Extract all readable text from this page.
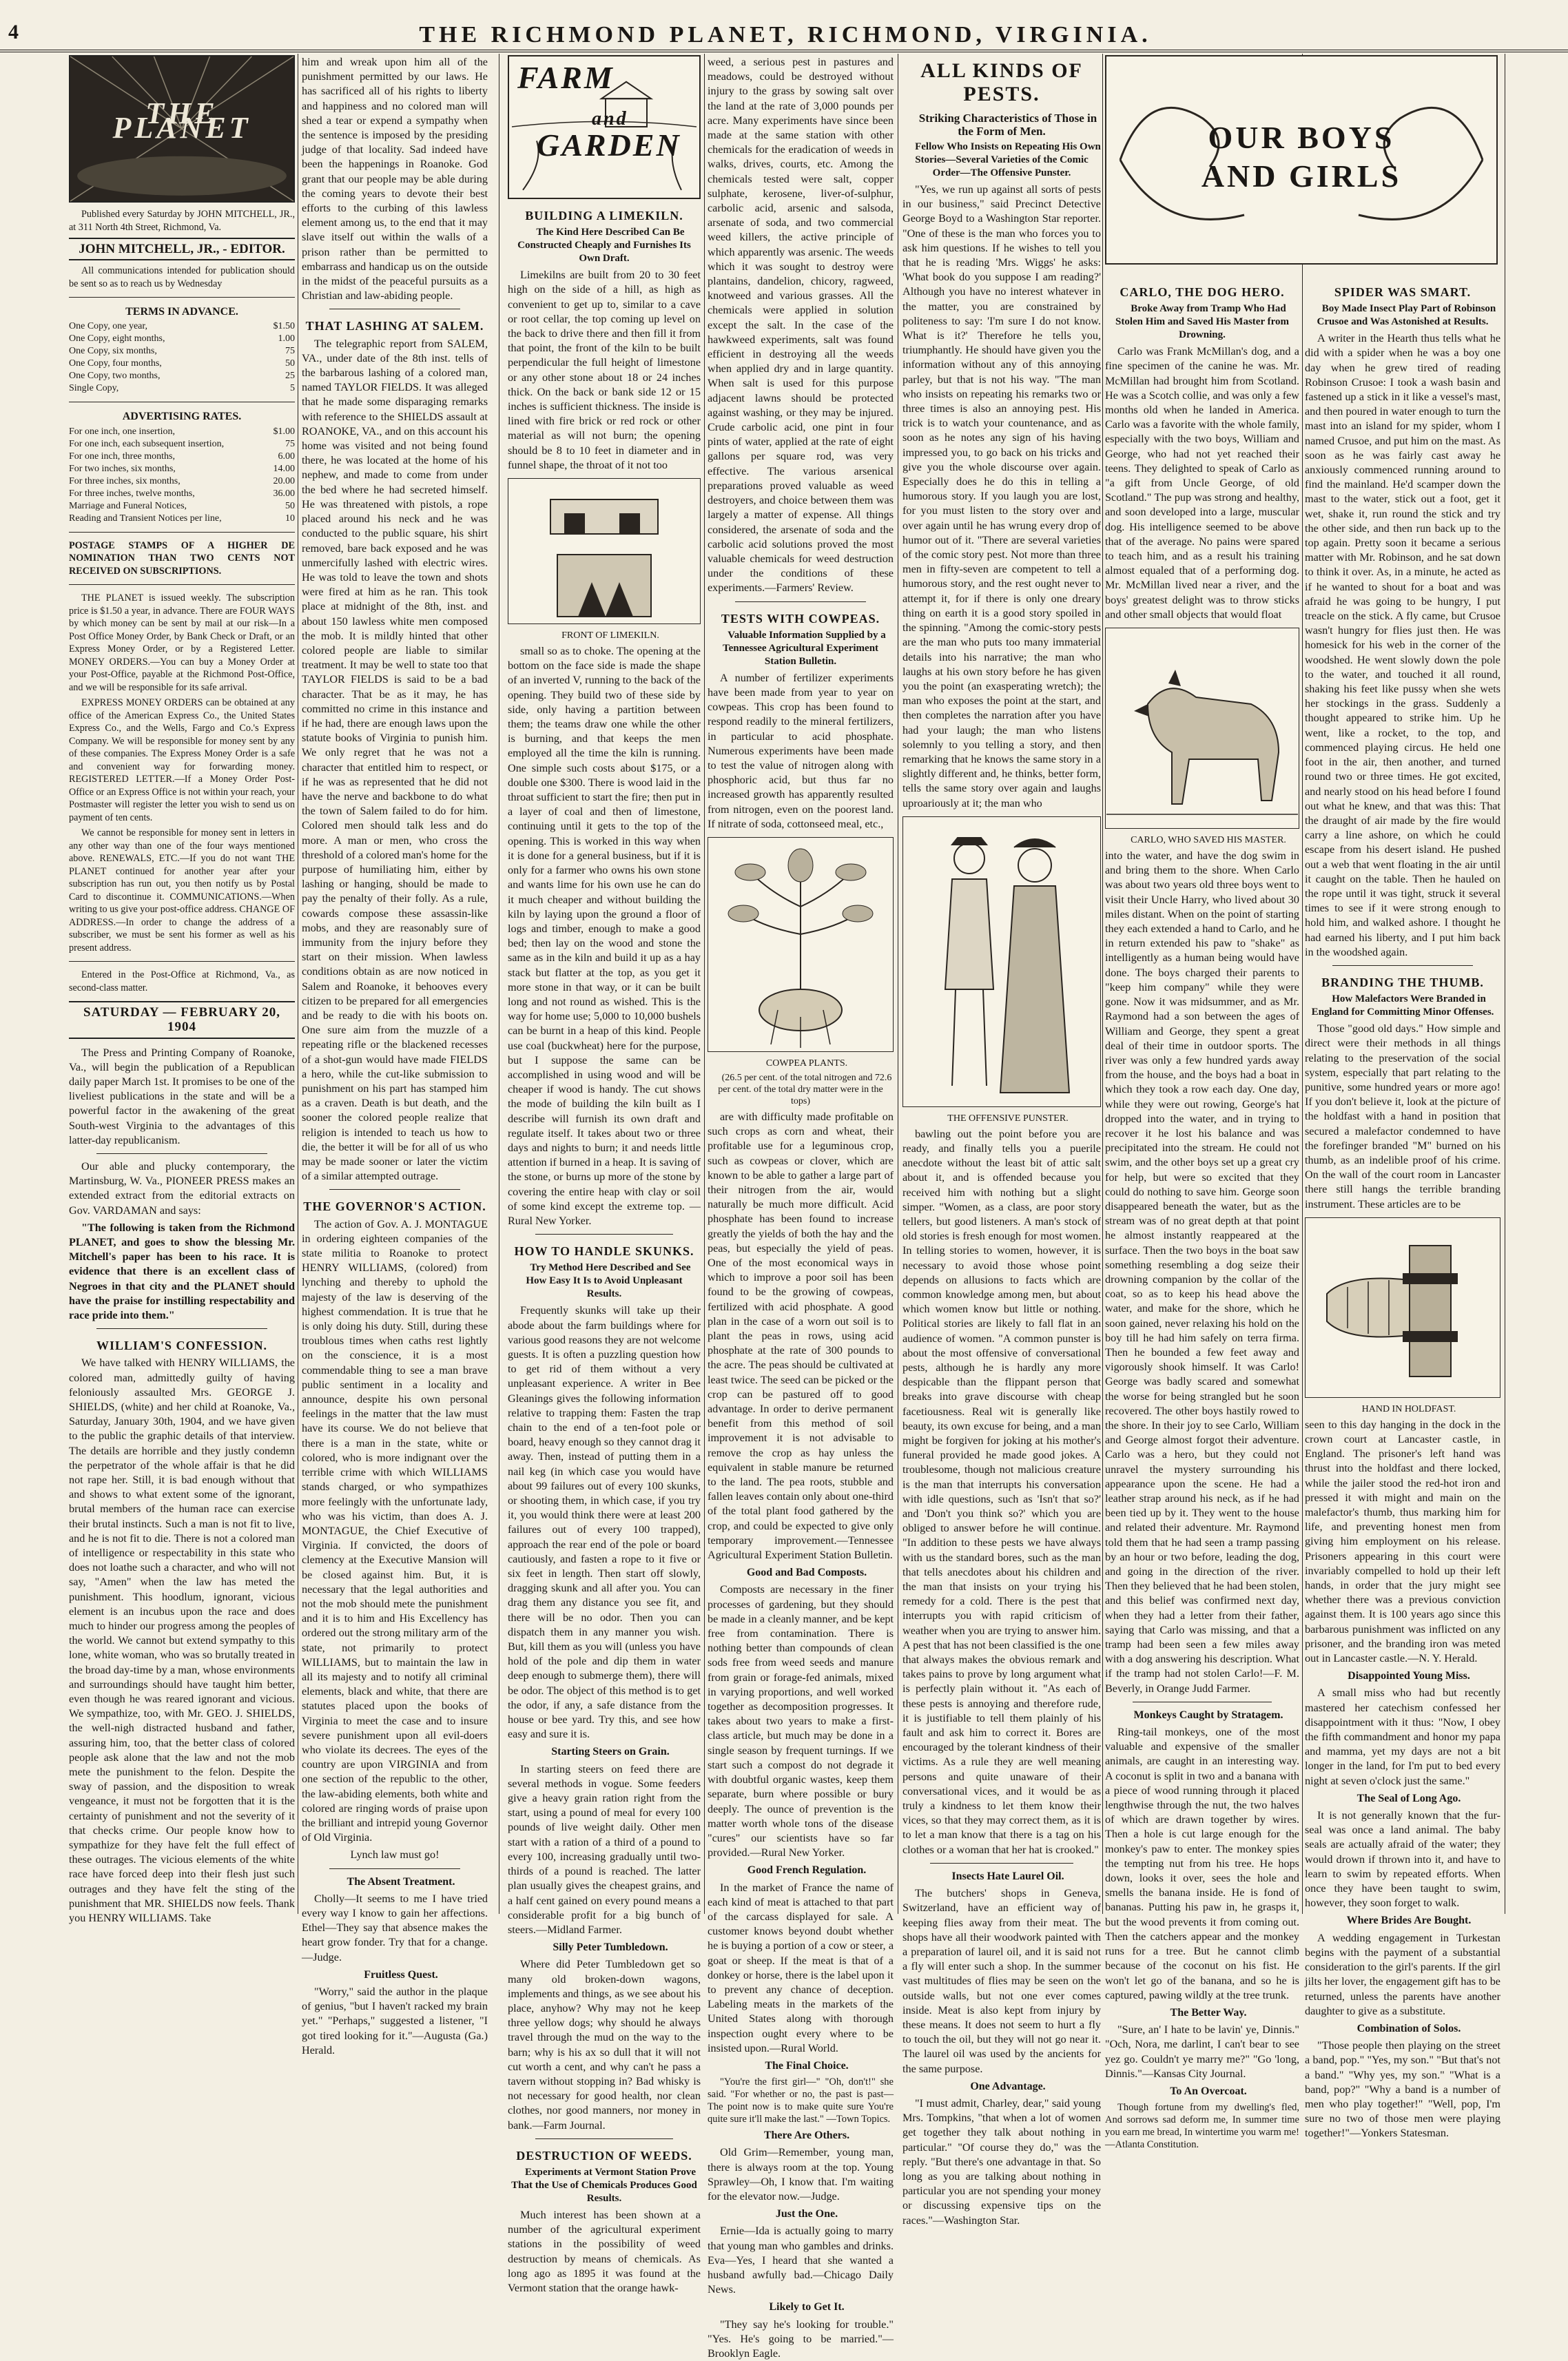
4	THE RICHMOND PLANET, RICHMOND, VIRGINIA.
THE PLANET

Published every Saturday by JOHN MITCHELL, JR., at 311 North 4th Street, Richmond, Va.

JOHN MITCHELL, JR., - EDITOR.

All communications intended for publication should be sent so as to reach us by Wednesday

TERMS IN ADVANCE.
One Copy, one year,	$1.50
One Copy, eight months,	1.00
One Copy, six months,	75
One Copy, four months,	50
One Copy, two months,	25
Single Copy,	5
ADVERTISING RATES.
For one inch, one insertion,	$1.00
For one inch, each subsequent insertion,	75
For one inch, three months,	6.00
For two inches, six months,	14.00
For three inches, six months,	20.00
For three inches, twelve months,	36.00
Marriage and Funeral Notices,	50
Reading and Transient Notices per line,	10

POSTAGE STAMPS OF A HIGHER DE NOMINATION THAN TWO CENTS NOT RECEIVED ON SUBSCRIPTIONS.

THE PLANET is issued weekly. The subscription price is $1.50 a year, in advance. There are FOUR WAYS by which money can be sent by mail at our risk—In a Post Office Money Order, by Bank Check or Draft, or an Express Money Order, or by a Registered Letter. MONEY ORDERS.—You can buy a Money Order at your Post-Office, payable at the Richmond Post-Office, and we will be responsible for its safe arrival.

EXPRESS MONEY ORDERS can be obtained at any office of the American Express Co., the United States Express Co., and the Wells, Fargo and Co.'s Express Company. We will be responsible for money sent by any of these companies. The Express Money Order is a safe and convenient way for forwarding money. REGISTERED LETTER.—If a Money Order Post-Office or an Express Office is not within your reach, your Postmaster will register the letter you wish to send us on payment of ten cents.

We cannot be responsible for money sent in letters in any other way than one of the four ways mentioned above. RENEWALS, ETC.—If you do not want THE PLANET continued for another year after your subscription has run out, you then notify us by Postal Card to discontinue it. COMMUNICATIONS.—When writing to us give your post-office address. CHANGE OF ADDRESS.—In order to change the address of a subscriber, we must be sent his former as well as his present address.

Entered in the Post-Office at Richmond, Va., as second-class matter.

SATURDAY — FEBRUARY 20, 1904

The Press and Printing Company of Roanoke, Va., will begin the publication of a Republican daily paper March 1st. It promises to be one of the liveliest publications in the state and will be a powerful factor in the awakening of the great South-west Virginia to the advantages of this latter-day republicanism.

Our able and plucky contemporary, the Martinsburg, W. Va., PIONEER PRESS makes an extended extract from the editorial extracts on Gov. VARDAMAN and says:

"The following is taken from the Richmond PLANET, and goes to show the blessing Mr. Mitchell's paper has been to his race. It is evidence that there is an excellent class of Negroes in that city and the PLANET should have the praise for instilling respectability and race pride into them."

WILLIAM'S CONFESSION.

We have talked with HENRY WILLIAMS, the colored man, admittedly guilty of having feloniously assaulted Mrs. GEORGE J. SHIELDS, (white) and her child at Roanoke, Va., Saturday, January 30th, 1904, and we have given to the public the graphic details of that interview. The details are horrible and they justly condemn the perpetrator of the whole affair is that he did not rape her. Still, it is bad enough without that and shows to what extent some of the ignorant, brutal members of the human race can exercise their brutal instincts. Such a man is not fit to live, and he is not fit to die. There is not a colored man of intelligence or respectability in this state who does not loathe such a character, and who will not say, "Amen" when the law has meted the punishment. This hoodlum, ignorant, vicious element is an incubus upon the race and does much to hinder our progress among the peoples of the world. We cannot but extend sympathy to this lone, white woman, who was so brutally treated in the broad day-time by a man, whose environments and surroundings should have taught him better, even though he was reared ignorant and vicious. We sympathize, too, with Mr. GEO. J. SHIELDS, the well-nigh distracted husband and father, assuring him, too, that the better class of colored people ask alone that the law and not the mob mete the punishment to the felon. Despite the sway of passion, and the disposition to wreak vengeance, it must not be forgotten that it is the certainty of punishment and not the severity of it that checks crime. Our people know how to sympathize for they have felt the full effect of these outrages. The vicious elements of the white race have forced deep into their flesh just such outrages and they have felt the sting of the punishment that MR. SHIELDS now feels. Thank you HENRY WILLIAMS. Take

him and wreak upon him all of the punishment permitted by our laws. He has sacrificed all of his rights to liberty and happiness and no colored man will shed a tear or expend a sympathy when the sentence is imposed by the presiding judge of that locality. Sad indeed have been the happenings in Roanoke. God grant that our people may be able during the coming years to devote their best efforts to the curbing of this lawless element among us, to the end that it may slave itself out within the walls of a prison rather than be permitted to embarrass and handicap us on the outside in the midst of the peaceful pursuits as a Christian and law-abiding people.

THAT LASHING AT SALEM.

The telegraphic report from SALEM, VA., under date of the 8th inst. tells of the barbarous lashing of a colored man, named TAYLOR FIELDS. It was alleged that he made some disparaging remarks with reference to the SHIELDS assault at ROANOKE, VA., and on this account his home was visited and not being found there, he was located at the home of his nephew, and made to come from under the bed where he had secreted himself. He was threatened with pistols, a rope placed around his neck and he was conducted to the public square, his shirt removed, bare back exposed and he was unmercifully lashed with electric wires. He was told to leave the town and shots were fired at him as he ran. This took place at midnight of the 8th, inst. and about 150 lawless white men composed the mob. It is mildly hinted that other colored people are liable to similar treatment. It may be well to state too that TAYLOR FIELDS is said to be a bad character. That be as it may, he has committed no crime in this instance and if he had, there are enough laws upon the statute books of Virginia to punish him. We only regret that he was not a character that entitled him to respect, or if he was as represented that he did not have the nerve and backbone to do what the town of Salem failed to do for him. Colored men should talk less and do more. A man or men, who cross the threshold of a colored man's home for the purpose of humiliating him, either by lashing or hanging, should be made to pay the penalty of their folly. As a rule, cowards compose these assassin-like mobs, and they are reasonably sure of immunity from the injury before they start on their mission. When lawless conditions obtain as are now noticed in Salem and Roanoke, it behooves every citizen to be prepared for all emergencies and be ready to die with his boots on. One sure aim from the muzzle of a repeating rifle or the blackened recesses of a shot-gun would have made FIELDS a hero, while the cut-like submission to punishment on his part has stamped him as a craven. Death is but death, and the sooner the colored people realize that religion is intended to teach us how to die, the better it will be for all of us who may be made sooner or later the victim of a similar attempted outrage.

THE GOVERNOR'S ACTION.

The action of Gov. A. J. MONTAGUE in ordering eighteen companies of the state militia to Roanoke to protect HENRY WILLIAMS, (colored) from lynching and thereby to uphold the majesty of the law is deserving of the highest commendation. It is true that he is only doing his duty. Still, during these troublous times when caths rest lightly on the conscience, it is a most commendable thing to see a man brave public sentiment in a locality and announce, despite his own personal feelings in the matter that the law must have its course. We do not believe that there is a man in the state, white or colored, who is more indignant over the terrible crime with which WILLIAMS stands charged, or who sympathizes more feelingly with the unfortunate lady, who was his victim, than does A. J. MONTAGUE, the Chief Executive of Virginia. If convicted, the doors of clemency at the Executive Mansion will be closed against him. But, it is necessary that the legal authorities and not the mob should mete the punishment and it is to him and His Excellency has ordered out the strong military arm of the state, not primarily to protect WILLIAMS, but to maintain the law in all its majesty and to notify all criminal elements, black and white, that there are statutes placed upon the books of Virginia to meet the case and to insure severe punishment upon all evil-doers who violate its decrees. The eyes of the country are upon VIRGINIA and from one section of the republic to the other, the law-abiding elements, both white and colored are ringing words of praise upon the brilliant and intrepid young Governor of Old Virginia.

Lynch law must go!

The Absent Treatment.

Cholly—It seems to me I have tried every way I know to gain her affections. Ethel—They say that absence makes the heart grow fonder. Try that for a change.—Judge.

Fruitless Quest.

"Worry," said the author in the plaque of genius, "but I haven't racked my brain yet." "Perhaps," suggested a listener, "I got tired looking for it."—Augusta (Ga.) Herald.

FARM
and
GARDEN

BUILDING A LIMEKILN.

The Kind Here Described Can Be Constructed Cheaply and Furnishes Its Own Draft.

Limekilns are built from 20 to 30 feet high on the side of a hill, as high as convenient to get up to, similar to a cave or root cellar, the top coming up level on the back to drive there and then fill it from that point, the front of the kiln to be built perpendicular the full height of limestone or any other stone about 18 or 24 inches thick. On the back or bank side 12 or 15 inches is sufficient thickness. The inside is lined with fire brick or red rock or other material as will not burn; the opening should be 8 to 10 feet in diameter and in funnel shape, the throat of it not too

FRONT OF LIMEKILN.

small so as to choke. The opening at the bottom on the face side is made the shape of an inverted V, running to the back of the opening. They build two of these side by side, only having a partition between them; the teams draw one while the other is burning, and that keeps the men employed all the time the kiln is running. One simple such costs about $175, or a double one $300. There is wood laid in the throat sufficient to start the fire; then put in a layer of coal and then of limestone, continuing until it gets to the top of the opening. This is worked in this way when it is done for a general business, but if it is only for a farmer who owns his own stone and wants lime for his own use he can do it much cheaper and without building the kiln by laying upon the ground a floor of logs and timber, enough to make a good bed; then lay on the wood and stone the same as in the kiln and build it up as a hay stack but flatter at the top, as you get it more stone in that way, or it can be built long and not round as wished. This is the way for home use; 5,000 to 10,000 bushels can be burnt in a heap of this kind. People use coal (buckwheat) here for the purpose, but I suppose the same can be accomplished in using wood and will be cheaper if wood is handy. The cut shows the mode of building the kiln built as I describe will furnish its own draft and regulate itself. It takes about two or three days and nights to burn; it and needs little attention if burned in a heap. It is saving of the stone, or burns up more of the stone by covering the entire heap with clay or soil of some kind except the extreme top. —Rural New Yorker.

HOW TO HANDLE SKUNKS.

Try Method Here Described and See How Easy It Is to Avoid Unpleasant Results.

Frequently skunks will take up their abode about the farm buildings where for various good reasons they are not welcome guests. It is often a puzzling question how to get rid of them without a very unpleasant experience. A writer in Bee Gleanings gives the following information relative to trapping them: Fasten the trap chain to the end of a ten-foot pole or board, heavy enough so they cannot drag it away. Then, instead of putting them in a nail keg (in which case you would have about 99 failures out of every 100 skunks, or shooting them, in which case, if you try it, you would think there were at least 200 failures out of every 100 trapped), approach the rear end of the pole or board cautiously, and fasten a rope to it five or six feet in length. Then start off slowly, dragging skunk and all after you. You can drag them any distance you see fit, and there will be no odor. Then you can dispatch them in any manner you wish. But, kill them as you will (unless you have hold of the pole and dip them in water deep enough to submerge them), there will be odor. The object of this method is to get the odor, if any, a safe distance from the house or bee yard. Try this, and see how easy and sure it is.

Starting Steers on Grain.

In starting steers on feed there are several methods in vogue. Some feeders give a heavy grain ration right from the start, using a pound of meal for every 100 pounds of live weight daily. Other men start with a ration of a third of a pound to every 100, increasing gradually until two-thirds of a pound is reached. The latter plan usually gives the cheapest grains, and a half cent gained on every pound means a considerable profit for a big bunch of steers.—Midland Farmer.

Silly Peter Tumbledown.

Where did Peter Tumbledown get so many old broken-down wagons, implements and things, as we see about his place, anyhow? Why may not he keep three yellow dogs; why should he always travel through the mud on the way to the barn; why is his ax so dull that it will not cut worth a cent, and why can't he pass a tavern without stopping in? Bad whisky is not necessary for good health, nor clean clothes, nor good manners, nor money in bank.—Farm Journal.

DESTRUCTION OF WEEDS.

Experiments at Vermont Station Prove That the Use of Chemicals Produces Good Results.

Much interest has been shown at a number of the agricultural experiment stations in the possibility of weed destruction by means of chemicals. As long ago as 1895 it was found at the Vermont station that the orange hawk-

weed, a serious pest in pastures and meadows, could be destroyed without injury to the grass by sowing salt over the land at the rate of 3,000 pounds per acre. Many experiments have since been made at the same station with other chemicals for the eradication of weeds in walks, drives, courts, etc. Among the chemicals tested were salt, copper sulphate, kerosene, liver-of-sulphur, carbolic acid, arsenic and salsoda, arsenate of soda, and two commercial weed killers, the active principle of which apparently was arsenic. The weeds which it was sought to destroy were plantains, dandelion, chicory, ragweed, knotweed and various grasses. All the chemicals were applied in solution except the salt. In the case of the hawkweed experiments, salt was found efficient in destroying all the weeds when applied dry and in large quantity. When salt is used for this purpose adjacent lawns should be protected against washing, or they may be injured. Crude carbolic acid, one pint in four pints of water, applied at the rate of eight gallons per square rod, was very effective. The various arsenical preparations proved valuable as weed destroyers, and choice between them was largely a matter of expense. All things considered, the arsenate of soda and the carbolic acid solutions proved the most valuable chemicals for weed destruction under the conditions of these experiments.—Farmers' Review.

TESTS WITH COWPEAS.

Valuable Information Supplied by a Tennessee Agricultural Experiment Station Bulletin.

A number of fertilizer experiments have been made from year to year on cowpeas. This crop has been found to respond readily to the mineral fertilizers, in particular to acid phosphate. Numerous experiments have been made to test the value of nitrogen along with phosphoric acid, but thus far no increased growth has apparently resulted from nitrogen, even on the poorest land. If nitrate of soda, cottonseed meal, etc.,

COWPEA PLANTS.

(26.5 per cent. of the total nitrogen and 72.6 per cent. of the total dry matter were in the tops)

are with difficulty made profitable on such crops as corn and wheat, their profitable use for a leguminous crop, such as cowpeas or clover, which are known to be able to gather a large part of their nitrogen from the air, would naturally be much more difficult. Acid phosphate has been found to increase greatly the yields of both the hay and the peas, but especially the yield of peas. One of the most economical ways in which to improve a poor soil has been found to be the growing of cowpeas, fertilized with acid phosphate. A good plan in the case of a worn out soil is to plant the peas in rows, using acid phosphate at the rate of 300 pounds to the acre. The peas should be cultivated at least twice. The seed can be picked or the crop can be pastured off to good advantage. In order to derive permanent benefit from this method of soil improvement it is not advisable to remove the crop as hay unless the equivalent in stable manure be returned to the land. The pea roots, stubble and fallen leaves contain only about one-third of the total plant food gathered by the crop, and could be expected to give only temporary improvement.—Tennessee Agricultural Experiment Station Bulletin.

Good and Bad Composts.

Composts are necessary in the finer processes of gardening, but they should be made in a cleanly manner, and be kept free from contamination. There is nothing better than compounds of clean sods free from weed seeds and manure from grain or forage-fed animals, mixed in varying proportions, and well worked together as decomposition progresses. It takes about two years to make a first-class article, but much may be done in a single season by frequent turnings. If we start such a compost do not degrade it with doubtful organic wastes, keep them separate, burn where possible or bury deeply. The ounce of prevention is the matter worth whole tons of the disease "cures" our scientists have so far provided.—Rural New Yorker.

Good French Regulation.

In the market of France the name of each kind of meat is attached to that part of the carcass displayed for sale. A customer knows beyond doubt whether he is buying a portion of a cow or steer, a goat or sheep. If the meat is that of a donkey or horse, there is the label upon it to prevent any chance of deception. Labeling meats in the markets of the United States along with thorough inspection ought every where to be insisted upon.—Rural World.

The Final Choice.

"You're the first girl—" "Oh, don't!" she said. "For whether or no, the past is past—The point now is to make quite sure You're quite sure it'll make the last." —Town Topics.

There Are Others.

Old Grim—Remember, young man, there is always room at the top. Young Sprawley—Oh, I know that. I'm waiting for the elevator now.—Judge.

Just the One.

Ernie—Ida is actually going to marry that young man who gambles and drinks. Eva—Yes, I heard that she wanted a husband awfully bad.—Chicago Daily News.

Likely to Get It.

"They say he's looking for trouble." "Yes. He's going to be married."—Brooklyn Eagle.

ALL KINDS OF PESTS.

Striking Characteristics of Those in the Form of Men.

Fellow Who Insists on Repeating His Own Stories—Several Varieties of the Comic Order—The Offensive Punster.

"Yes, we run up against all sorts of pests in our business," said Precinct Detective George Boyd to a Washington Star reporter. "One of these is the man who forces you to ask him questions. If he wishes to tell you that he is reading 'Mrs. Wiggs' he asks: 'What book do you suppose I am reading?' Although you have no interest whatever in the matter, you are constrained by politeness to say: 'I'm sure I do not know. What is it?' Therefore he tells you, triumphantly. He should have given you the information without any of this annoying parley, but that is not his way. "The man who insists on repeating his remarks two or three times is also an annoying pest. His trick is to watch your countenance, and as soon as he notes any sign of his having impressed you, to go back on his tricks and give you the whole discourse over again. Especially does he do this in telling a humorous story. If you laugh you are lost, for you must listen to the story over and over again until he has wrung every drop of humor out of it. "There are several varieties of the comic story pest. Not more than three men in fifty-seven are competent to tell a humorous story, and the rest ought never to attempt it, for if there is only one dreary thing on earth it is a good story spoiled in the spinning. "Among the comic-story pests are the man who puts too many immaterial details into his narrative; the man who laughs at his own story before he has given you the point (an exasperating wretch); the man who exposes the point at the start, and then completes the narration after you have had your laugh; the man who listens solemnly to you telling a story, and then remarking that he knows the same story in a slightly different and, he thinks, better form, tells the same story over again and laughs uproariously at it; the man who

THE OFFENSIVE PUNSTER.

bawling out the point before you are ready, and finally tells you a puerile anecdote without the least bit of attic salt about it, and is offended because you received him with nothing but a slight simper. "Women, as a class, are poor story tellers, but good listeners. A man's stock of old stories is fresh enough for most women. In telling stories to women, however, it is necessary to avoid those whose point depends on allusions to facts which are common knowledge among men, but about which women know but little or nothing. Political stories are likely to fall flat in an audience of women. "A common punster is about the most offensive of conversational pests, although he is hardly any more despicable than the flippant person that breaks into grave discourse with cheap facetiousness. Real wit is generally like beauty, its own excuse for being, and a man might be forgiven for joking at his mother's funeral provided he made good jokes. A troublesome, though not malicious creature is the man that interrupts his conversation with idle questions, such as 'Isn't that so?' and 'Don't you think so?' which you are obliged to answer before he will continue. "In addition to these pests we have always with us the standard bores, such as the man that tells anecdotes about his children and the man that insists on your trying his remedy for a cold. There is the pest that interrupts you with rapid criticism of weather when you are trying to answer him. A pest that has not been classified is the one that always makes the obvious remark and takes pains to prove by long argument what is perfectly plain without it. "As each of these pests is annoying and therefore rude, it is justifiable to tell them plainly of his fault and ask him to correct it. Bores are encouraged by the tolerant kindness of their victims. As a rule they are well meaning persons and quite unaware of their conversational vices, and it would be as truly a kindness to let them know their vices, so that they may correct them, as it is to let a man know that there is a tag on his clothes or a woman that her hat is crooked."

Insects Hate Laurel Oil.

The butchers' shops in Geneva, Switzerland, have an efficient way of keeping flies away from their meat. The shops have all their woodwork painted with a preparation of laurel oil, and it is said not a fly will enter such a shop. In the summer vast multitudes of flies may be seen on the outside walls, but not one ever comes inside. Meat is also kept from injury by these means. It does not seem to hurt a fly to touch the oil, but they will not go near it. The laurel oil was used by the ancients for the same purpose.

One Advantage.

"I must admit, Charley, dear," said young Mrs. Tompkins, "that when a lot of women get together they talk about nothing in particular." "Of course they do," was the reply. "But there's one advantage in that. So long as you are talking about nothing in particular you are not spending your money or discussing expensive tips on the races."—Washington Star.

OUR BOYS AND GIRLS

CARLO, THE DOG HERO.

Broke Away from Tramp Who Had Stolen Him and Saved His Master from Drowning.

Carlo was Frank McMillan's dog, and a fine specimen of the canine he was. Mr. McMillan had brought him from Scotland. He was a Scotch collie, and was only a few months old when he landed in America. Carlo was a favorite with the whole family, especially with the two boys, William and George, who had not yet reached their teens. They delighted to speak of Carlo as "a gift from Uncle George, of old Scotland." The pup was strong and healthy, and soon developed into a large, muscular dog. His intelligence seemed to be above that of the average. No pains were spared to teach him, and as a result his training almost equaled that of a performing dog. Mr. McMillan lived near a river, and the boys' greatest delight was to throw sticks and other small objects that would float

CARLO, WHO SAVED HIS MASTER.

into the water, and have the dog swim in and bring them to the shore. When Carlo was about two years old three boys went to visit their Uncle Harry, who lived about 30 miles distant. When on the point of starting they each extended a hand to Carlo, and he in return extended his paw to "shake" as intelligently as a human being would have done. The boys charged their parents to "keep him company" while they were gone. Now it was midsummer, and as Mr. Raymond had a son between the ages of William and George, they spent a great deal of their time in outdoor sports. The river was only a few hundred yards away from the house, and the boys had a boat in which they took a row each day. One day, while they were out rowing, George's hat dropped into the water, and in trying to recover it he lost his balance and was precipitated into the stream. He could not swim, and the other boys set up a great cry for help, but were so excited that they could do nothing to save him. George soon disappeared beneath the water, but as the stream was of no great depth at that point he almost instantly reappeared at the surface. Then the two boys in the boat saw something resembling a dog seize their drowning companion by the collar of the coat, so as to keep his head above the water, and make for the shore, which he soon gained, never relaxing his hold on the boy till he had him safely on terra firma. Then he bounded a few feet away and vigorously shook himself. It was Carlo! George was badly scared and somewhat the worse for being strangled but he soon recovered. The other boys hastily rowed to the shore. In their joy to see Carlo, William and George almost forgot their adventure. Carlo was a hero, but they could not unravel the mystery surrounding his appearance upon the scene. He had a leather strap around his neck, as if he had been tied up by it. They went to the house and related their adventure. Mr. Raymond told them that he had seen a tramp passing by an hour or two before, leading the dog, and going in the direction of the river. Then they believed that he had been stolen, and this belief was confirmed next day, when they had a letter from their father, saying that Carlo was missing, and that a tramp had been seen a few miles away with a dog answering his description. What if the tramp had not stolen Carlo!—F. M. Beverly, in Orange Judd Farmer.

Monkeys Caught by Stratagem.

Ring-tail monkeys, one of the most valuable and expensive of the smaller animals, are caught in an interesting way. A coconut is split in two and a banana with a piece of wood running through it placed lengthwise through the nut, the two halves of which are drawn together by wires. Then a hole is cut large enough for the monkey's paw to enter. The monkey spies the tempting nut from his tree. He hops down, looks it over, sees the hole and smells the banana inside. He is fond of bananas. Putting his paw in, he grasps it, but the wood prevents it from coming out. Then the catchers appear and the monkey runs for a tree. But he cannot climb because of the coconut on his fist. He won't let go of the banana, and so he is captured, pawing wildly at the tree trunk.

The Better Way.

"Sure, an' I hate to be lavin' ye, Dinnis." "Och, Nora, me darlint, I can't bear to see yez go. Couldn't ye marry me?" "Go 'long, Dinnis."—Kansas City Journal.

To An Overcoat.

Though fortune from my dwelling's fled, And sorrows sad deform me, In summer time you earn me bread, In wintertime you warm me! —Atlanta Constitution.

SPIDER WAS SMART.

Boy Made Insect Play Part of Robinson Crusoe and Was Astonished at Results.

A writer in the Hearth thus tells what he did with a spider when he was a boy one day when he grew tired of reading Robinson Crusoe: I took a wash basin and fastened up a stick in it like a vessel's mast, and then poured in water enough to turn the mast into an island for my spider, whom I named Crusoe, and put him on the mast. As soon as he was fairly cast away he anxiously commenced running around to find the mainland. He'd scamper down the mast to the water, stick out a foot, get it wet, shake it, run round the stick and try the other side, and then run back up to the top again. Pretty soon it became a serious matter with Mr. Robinson, and he sat down to think it over. As, in a minute, he acted as if he wanted to shout for a boat and was afraid he was going to be hungry, I put treacle on the stick. A fly came, but Crusoe wasn't hungry for flies just then. He was homesick for his web in the corner of the woodshed. He went slowly down the pole to the water, and touched it all round, shaking his feet like pussy when she wets her stockings in the grass. Suddenly a thought appeared to strike him. Up he went, like a rocket, to the top, and commenced playing circus. He held one foot in the air, then another, and turned round two or three times. He got excited, and nearly stood on his head before I found out what he knew, and that was this: That the draught of air made by the fire would carry a line ashore, on which he could escape from his desert island. He pushed out a web that went floating in the air until it caught on the table. Then he hauled on the rope until it was tight, struck it several times to see if it were strong enough to hold him, and walked ashore. I thought he had earned his liberty, and I put him back in the woodshed again.

BRANDING THE THUMB.

How Malefactors Were Branded in England for Committing Minor Offenses.

Those "good old days." How simple and direct were their methods in all things relating to the preservation of the social system, especially that part relating to the punitive, some hundred years or more ago! If you don't believe it, look at the picture of the holdfast with a hand in position that secured a malefactor condemned to have the forefinger branded "M" burned on his thumb, as an indelible proof of his crime. On the wall of the court room in Lancaster there still hangs the terrible branding instrument. These articles are to be

HAND IN HOLDFAST.

seen to this day hanging in the dock in the crown court at Lancaster castle, in England. The prisoner's left hand was thrust into the holdfast and there locked, while the jailer stood the red-hot iron and pressed it with might and main on the malefactor's thumb, thus marking him for life, and preventing honest men from giving him employment on his release. Prisoners appearing in this court were invariably compelled to hold up their left hands, in order that the jury might see whether there was a previous conviction against them. It is 100 years ago since this barbarous punishment was inflicted on any prisoner, and the branding iron was meted out in Lancaster castle.—N. Y. Herald.

Disappointed Young Miss.

A small miss who had but recently mastered her catechism confessed her disappointment with it thus: "Now, I obey the fifth commandment and honor my papa and mamma, yet my days are not a bit longer in the land, for I'm put to bed every night at seven o'clock just the same."

The Seal of Long Ago.

It is not generally known that the fur-seal was once a land animal. The baby seals are actually afraid of the water; they would drown if thrown into it, and have to learn to swim by repeated efforts. When once they have been taught to swim, however, they soon forget to walk.

Where Brides Are Bought.

A wedding engagement in Turkestan begins with the payment of a substantial consideration to the girl's parents. If the girl jilts her lover, the engagement gift has to be returned, unless the parents have another daughter to give as a substitute.

Combination of Solos.

"Those people then playing on the street a band, pop." "Yes, my son." "But that's not a band." "Why yes, my son." "What is a band, pop?" "Why a band is a number of men who play together!" "Well, pop, I'm sure no two of those men were playing together!"—Yonkers Statesman.
